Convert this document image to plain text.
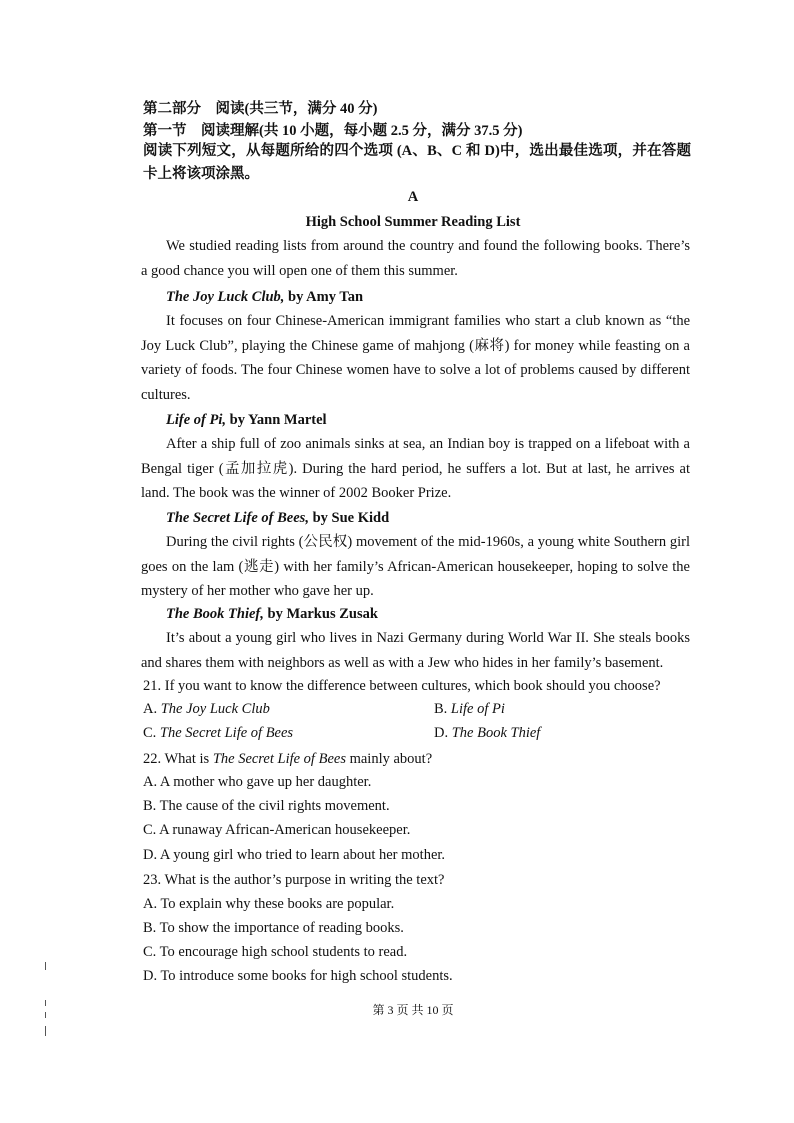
第二部分　阅读(共三节，满分 40 分)
第一节　阅读理解(共 10 小题，每小题 2.5 分，满分 37.5 分)
阅读下列短文，从每题所给的四个选项 (A、B、C 和 D)中，选出最佳选项，并在答题卡上将该项涂黑。
A
High School Summer Reading List
We studied reading lists from around the country and found the following books. There’s a good chance you will open one of them this summer.
The Joy Luck Club, by Amy Tan
It focuses on four Chinese-American immigrant families who start a club known as “the Joy Luck Club”, playing the Chinese game of mahjong (麻将) for money while feasting on a variety of foods. The four Chinese women have to solve a lot of problems caused by different cultures.
Life of Pi, by Yann Martel
After a ship full of zoo animals sinks at sea, an Indian boy is trapped on a lifeboat with a Bengal tiger (孟加拉虎). During the hard period, he suffers a lot. But at last, he arrives at land. The book was the winner of 2002 Booker Prize.
The Secret Life of Bees, by Sue Kidd
During the civil rights (公民权) movement of the mid-1960s, a young white Southern girl goes on the lam (逃走) with her family’s African-American housekeeper, hoping to solve the mystery of her mother who gave her up.
The Book Thief, by Markus Zusak
It’s about a young girl who lives in Nazi Germany during World War II. She steals books and shares them with neighbors as well as with a Jew who hides in her family’s basement.
21. If you want to know the difference between cultures, which book should you choose?
A. The Joy Luck Club	B. Life of Pi
C. The Secret Life of Bees	D. The Book Thief
22. What is The Secret Life of Bees mainly about?
A. A mother who gave up her daughter.
B. The cause of the civil rights movement.
C. A runaway African-American housekeeper.
D. A young girl who tried to learn about her mother.
23. What is the author’s purpose in writing the text?
A. To explain why these books are popular.
B. To show the importance of reading books.
C. To encourage high school students to read.
D. To introduce some books for high school students.
第 3 页 共 10 页
